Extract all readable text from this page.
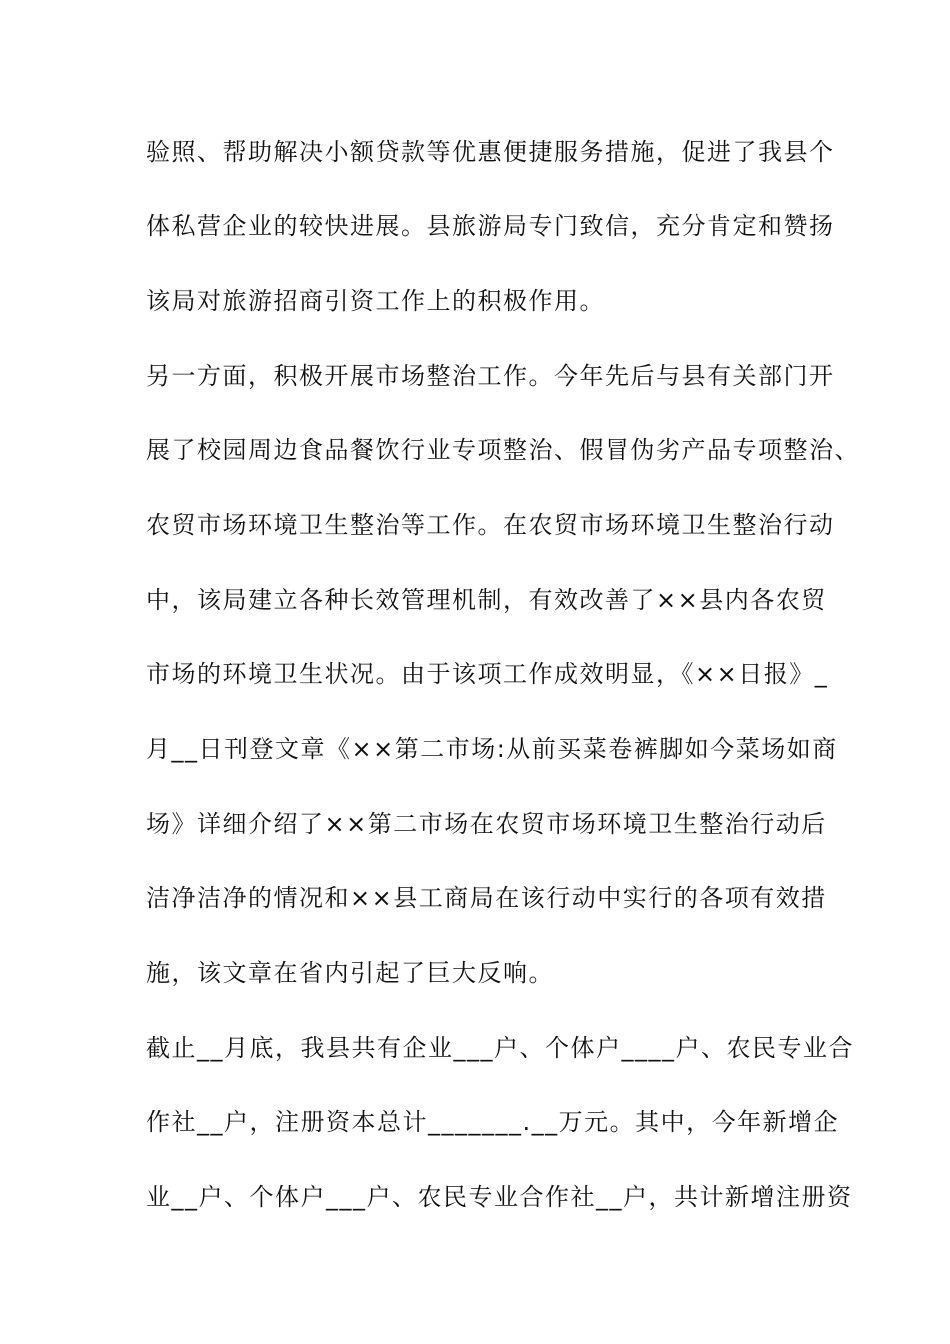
验照、帮助解决小额贷款等优惠便捷服务措施，促进了我县个
体私营企业的较快进展。县旅游局专门致信，充分肯定和赞扬
该局对旅游招商引资工作上的积极作用。
另一方面，积极开展市场整治工作。今年先后与县有关部门开
展了校园周边食品餐饮行业专项整治、假冒伪劣产品专项整治、
农贸市场环境卫生整治等工作。在农贸市场环境卫生整治行动
中，该局建立各种长效管理机制，有效改善了××县内各农贸
市场的环境卫生状况。由于该项工作成效明显，《××日报》_
月__日刊登文章《××第二市场:从前买菜卷裤脚如今菜场如商
场》详细介绍了××第二市场在农贸市场环境卫生整治行动后
洁净洁净的情况和××县工商局在该行动中实行的各项有效措
施，该文章在省内引起了巨大反响。
截止__月底，我县共有企业___户、个体户____户、农民专业合
作社__户，注册资本总计_______.__万元。其中，今年新增企
业__户、个体户___户、农民专业合作社__户，共计新增注册资
